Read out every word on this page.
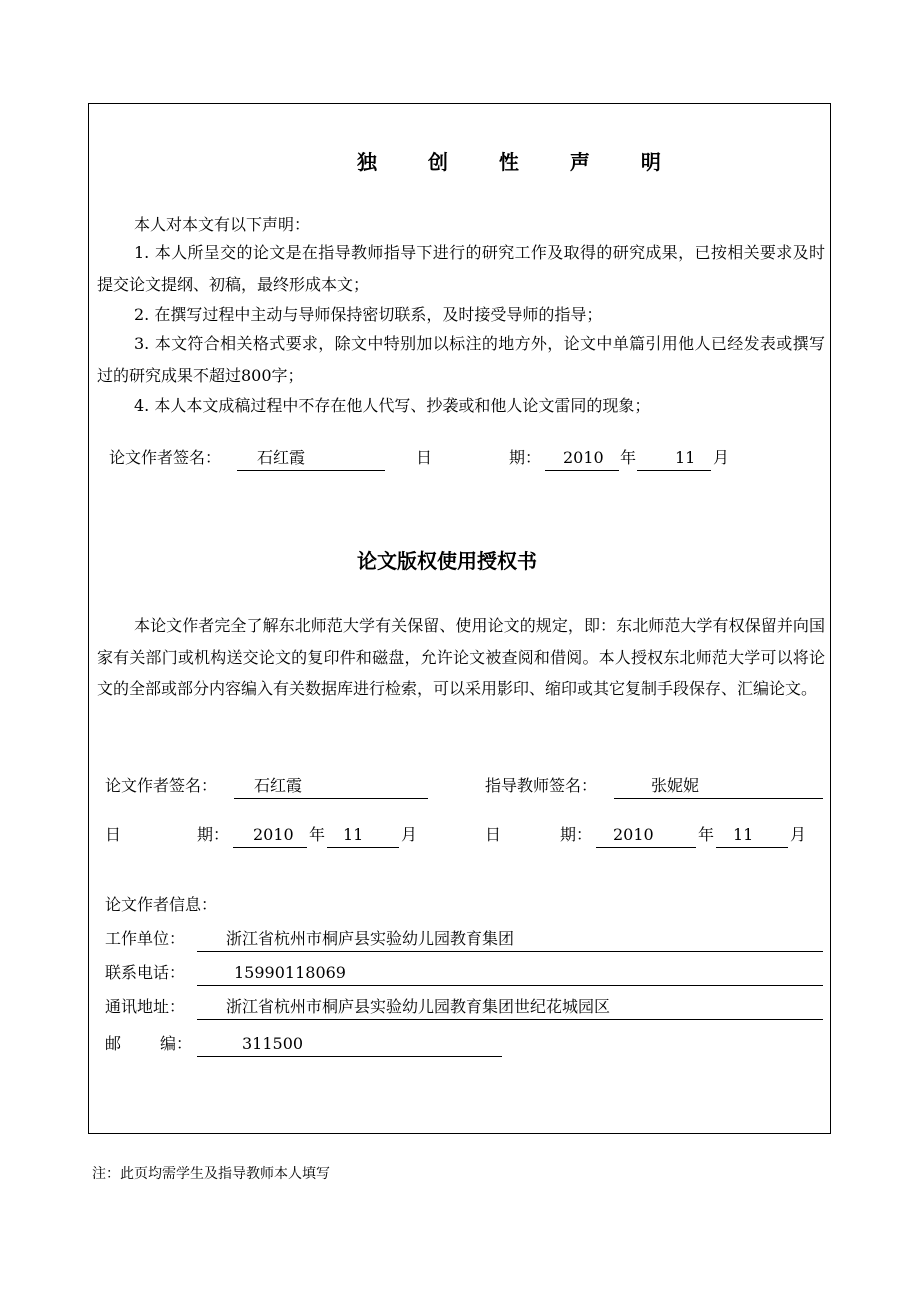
独 创 性 声 明
本人对本文有以下声明：
1. 本人所呈交的论文是在指导教师指导下进行的研究工作及取得的研究成果，已按相关要求及时提交论文提纲、初稿，最终形成本文；
2. 在撰写过程中主动与导师保持密切联系，及时接受导师的指导；
3. 本文符合相关格式要求，除文中特别加以标注的地方外，论文中单篇引用他人已经发表或撰写过的研究成果不超过800字；
4. 本人本文成稿过程中不存在他人代写、抄袭或和他人论文雷同的现象；
论文作者签名：	石红霞	日	期：	2010	年	11	月
论文版权使用授权书
本论文作者完全了解东北师范大学有关保留、使用论文的规定，即：东北师范大学有权保留并向国家有关部门或机构送交论文的复印件和磁盘，允许论文被查阅和借阅。本人授权东北师范大学可以将论文的全部或部分内容编入有关数据库进行检索，可以采用影印、缩印或其它复制手段保存、汇编论文。
论文作者签名：	石红霞	指导教师签名：	张妮妮
日	期：	2010 年	11	月	日	期：	2010	年	11	月
论文作者信息：
工作单位：	浙江省杭州市桐庐县实验幼儿园教育集团
联系电话：	15990118069
通讯地址：	浙江省杭州市桐庐县实验幼儿园教育集团世纪花城园区
邮 编：	311500
注：此页均需学生及指导教师本人填写
